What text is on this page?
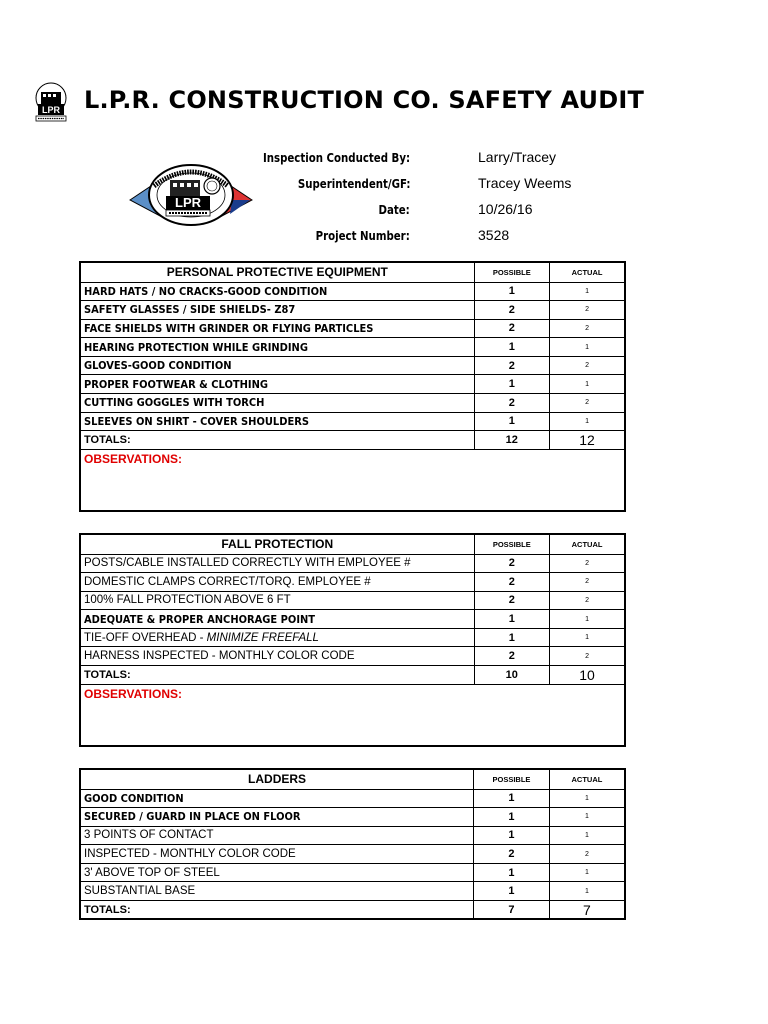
LPR L.P.R. CONSTRUCTION CO. SAFETY AUDIT
LPR
Inspection Conducted By:	Larry/Tracey
Superintendent/GF:	Tracey Weems
Date:	10/26/16
Project Number:	3528
PERSONAL PROTECTIVE EQUIPMENT	POSSIBLE	ACTUAL
HARD HATS / NO CRACKS-GOOD CONDITION	1	1
SAFETY GLASSES / SIDE SHIELDS- Z87	2	2
FACE SHIELDS WITH GRINDER OR FLYING PARTICLES	2	2
HEARING PROTECTION WHILE GRINDING	1	1
GLOVES-GOOD CONDITION	2	2
PROPER FOOTWEAR & CLOTHING	1	1
CUTTING GOGGLES WITH TORCH	2	2
SLEEVES ON SHIRT - COVER SHOULDERS	1	1
TOTALS:	12	12
OBSERVATIONS:		
FALL PROTECTION	POSSIBLE	ACTUAL
POSTS/CABLE INSTALLED CORRECTLY WITH EMPLOYEE #	2	2
DOMESTIC CLAMPS CORRECT/TORQ. EMPLOYEE #	2	2
100% FALL PROTECTION ABOVE 6 FT	2	2
ADEQUATE & PROPER ANCHORAGE POINT	1	1
TIE-OFF OVERHEAD - MINIMIZE FREEFALL	1	1
HARNESS INSPECTED - MONTHLY COLOR CODE	2	2
TOTALS:	10	10
OBSERVATIONS:		
LADDERS	POSSIBLE	ACTUAL
GOOD CONDITION	1	1
SECURED / GUARD IN PLACE ON FLOOR	1	1
3 POINTS OF CONTACT	1	1
INSPECTED - MONTHLY COLOR CODE	2	2
3' ABOVE TOP OF STEEL	1	1
SUBSTANTIAL BASE	1	1
TOTALS:	7	7
